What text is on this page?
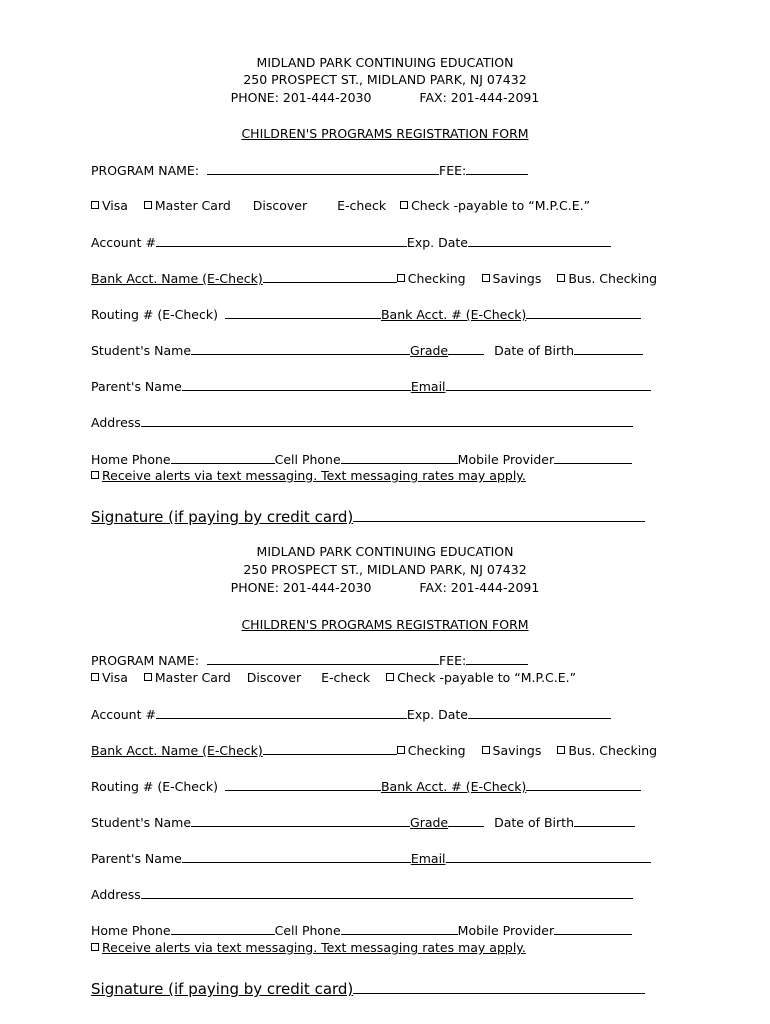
MIDLAND PARK CONTINUING EDUCATION
250 PROSPECT ST., MIDLAND PARK, NJ 07432
PHONE: 201-444-2030	FAX: 201-444-2091
CHILDREN'S PROGRAMS REGISTRATION FORM
PROGRAM NAME:	FEE:
Visa Master Card Discover E-check Check -payable to “M.P.C.E.”
Account #	Exp. Date
Bank Acct. Name (E-Check)	Checking Savings Bus. Checking
Routing # (E-Check)	Bank Acct. # (E-Check)
Student's Name	Grade	Date of Birth
Parent's Name	Email
Address
Home Phone	Cell Phone	Mobile Provider
Receive alerts via text messaging. Text messaging rates may apply.
Signature (if paying by credit card)
MIDLAND PARK CONTINUING EDUCATION
250 PROSPECT ST., MIDLAND PARK, NJ 07432
PHONE: 201-444-2030	FAX: 201-444-2091
CHILDREN'S PROGRAMS REGISTRATION FORM
PROGRAM NAME:	FEE:
Visa Master Card Discover E-check Check -payable to “M.P.C.E.”
Account #	Exp. Date
Bank Acct. Name (E-Check)	Checking Savings Bus. Checking
Routing # (E-Check)	Bank Acct. # (E-Check)
Student's Name	Grade	Date of Birth
Parent's Name	Email
Address
Home Phone	Cell Phone	Mobile Provider
Receive alerts via text messaging. Text messaging rates may apply.
Signature (if paying by credit card)
